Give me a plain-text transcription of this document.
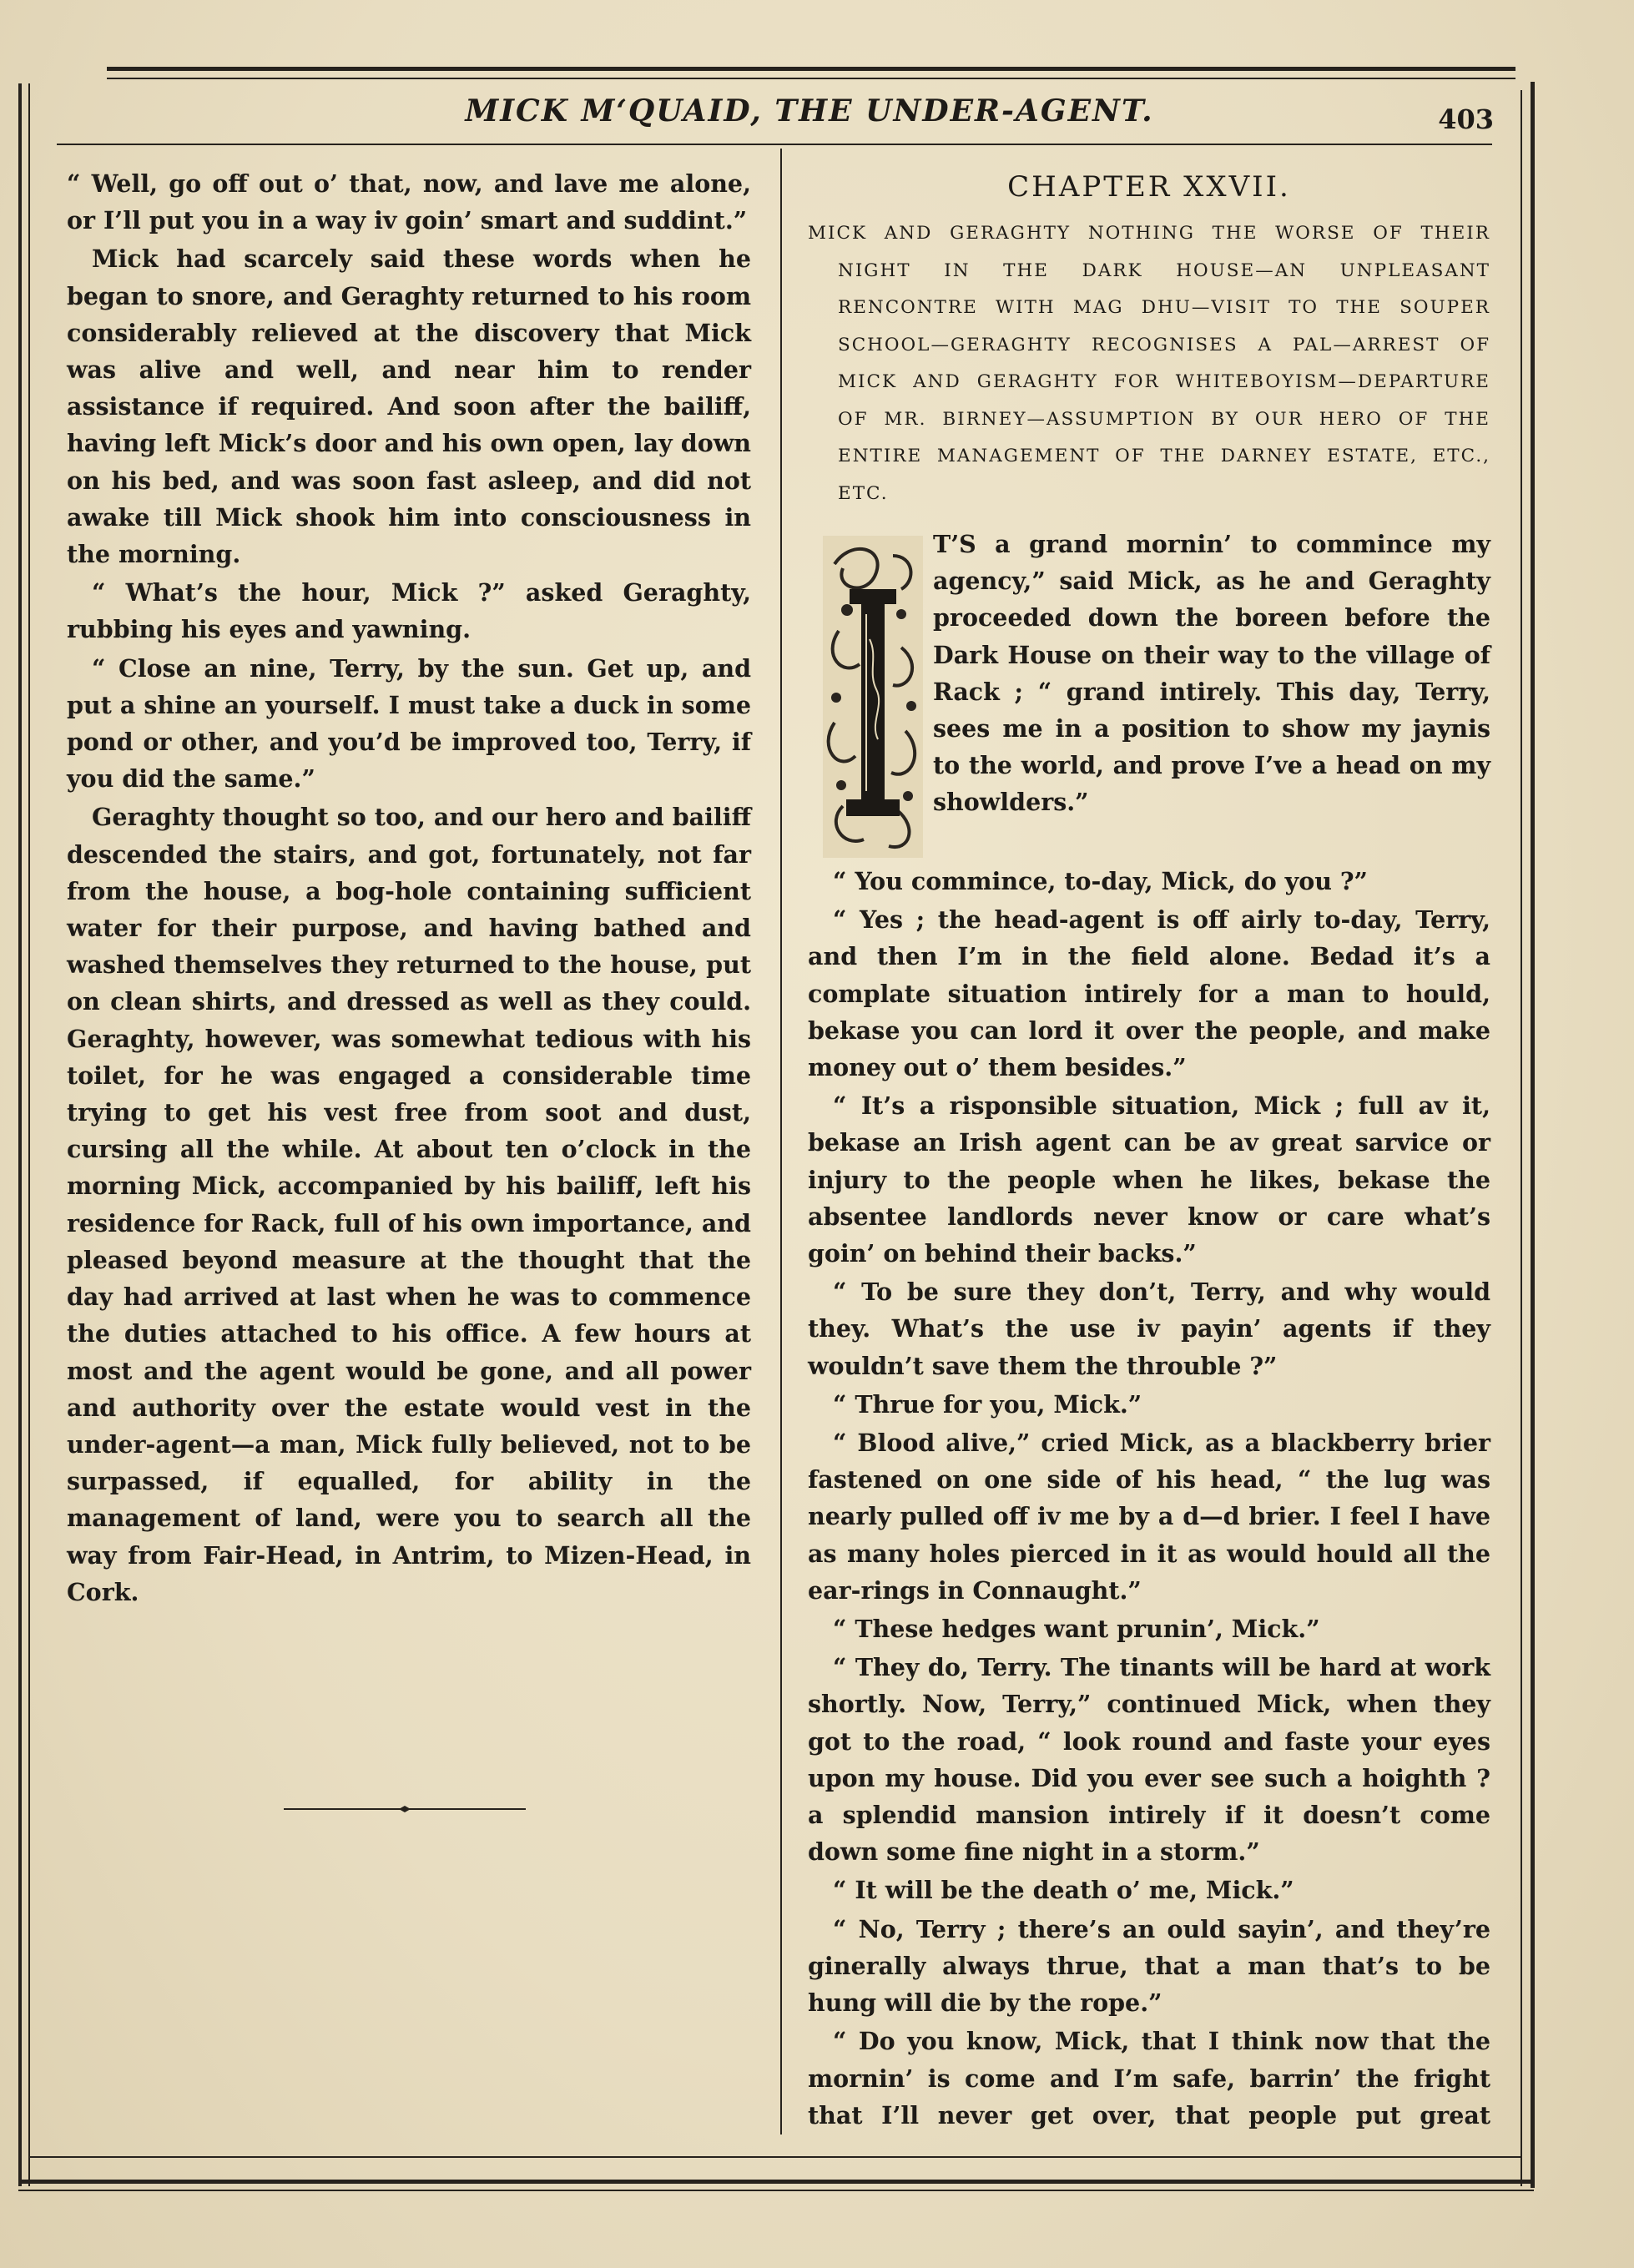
MICK M‘QUAID, THE UNDER-AGENT.	403

“ Well, go off out o’ that, now, and lave me alone, or I’ll put you in a way iv goin’ smart and suddint.”

Mick had scarcely said these words when he began to snore, and Geraghty returned to his room considerably relieved at the discovery that Mick was alive and well, and near him to render assistance if required. And soon after the bailiff, having left Mick’s door and his own open, lay down on his bed, and was soon fast asleep, and did not awake till Mick shook him into consciousness in the morning.

“ What’s the hour, Mick ?” asked Geraghty, rubbing his eyes and yawning.

“ Close an nine, Terry, by the sun. Get up, and put a shine an yourself. I must take a duck in some pond or other, and you’d be improved too, Terry, if you did the same.”

Geraghty thought so too, and our hero and bailiff descended the stairs, and got, fortunately, not far from the house, a bog-hole containing sufficient water for their purpose, and having bathed and washed themselves they returned to the house, put on clean shirts, and dressed as well as they could. Geraghty, however, was somewhat tedious with his toilet, for he was engaged a considerable time trying to get his vest free from soot and dust, cursing all the while. At about ten o’clock in the morning Mick, accompanied by his bailiff, left his residence for Rack, full of his own importance, and pleased beyond measure at the thought that the day had arrived at last when he was to commence the duties attached to his office. A few hours at most and the agent would be gone, and all power and authority over the estate would vest in the under-agent—a man, Mick fully believed, not to be surpassed, if equalled, for ability in the management of land, were you to search all the way from Fair-Head, in Antrim, to Mizen-Head, in Cork.

CHAPTER XXVII.
MICK AND GERAGHTY NOTHING THE WORSE OF THEIR NIGHT IN THE DARK HOUSE—AN UNPLEASANT RENCONTRE WITH MAG DHU—VISIT TO THE SOUPER SCHOOL—GERAGHTY RECOGNISES A PAL—ARREST OF MICK AND GERAGHTY FOR WHITEBOYISM—DEPARTURE OF MR. BIRNEY—ASSUMPTION BY OUR HERO OF THE ENTIRE MANAGEMENT OF THE DARNEY ESTATE, ETC., ETC.

T’S a grand mornin’ to commince my agency,” said Mick, as he and Geraghty proceeded down the boreen before the Dark House on their way to the village of Rack ; “ grand intirely. This day, Terry, sees me in a position to show my jaynis to the world, and prove I’ve a head on my showlders.”

“ You commince, to-day, Mick, do you ?”

“ Yes ; the head-agent is off airly to-day, Terry, and then I’m in the field alone. Bedad it’s a complate situation intirely for a man to hould, bekase you can lord it over the people, and make money out o’ them besides.”

“ It’s a risponsible situation, Mick ; full av it, bekase an Irish agent can be av great sarvice or injury to the people when he likes, bekase the absentee landlords never know or care what’s goin’ on behind their backs.”

“ To be sure they don’t, Terry, and why would they. What’s the use iv payin’ agents if they wouldn’t save them the throuble ?”

“ Thrue for you, Mick.”

“ Blood alive,” cried Mick, as a blackberry brier fastened on one side of his head, “ the lug was nearly pulled off iv me by a d—d brier. I feel I have as many holes pierced in it as would hould all the ear-rings in Connaught.”

“ These hedges want prunin’, Mick.”

“ They do, Terry. The tinants will be hard at work shortly. Now, Terry,” continued Mick, when they got to the road, “ look round and faste your eyes upon my house. Did you ever see such a hoighth ? a splendid mansion intirely if it doesn’t come down some fine night in a storm.”

“ It will be the death o’ me, Mick.”

“ No, Terry ; there’s an ould sayin’, and they’re ginerally always thrue, that a man that’s to be hung will die by the rope.”

“ Do you know, Mick, that I think now that the mornin’ is come and I’m safe, barrin’ the fright that I’ll never get over, that people put great
